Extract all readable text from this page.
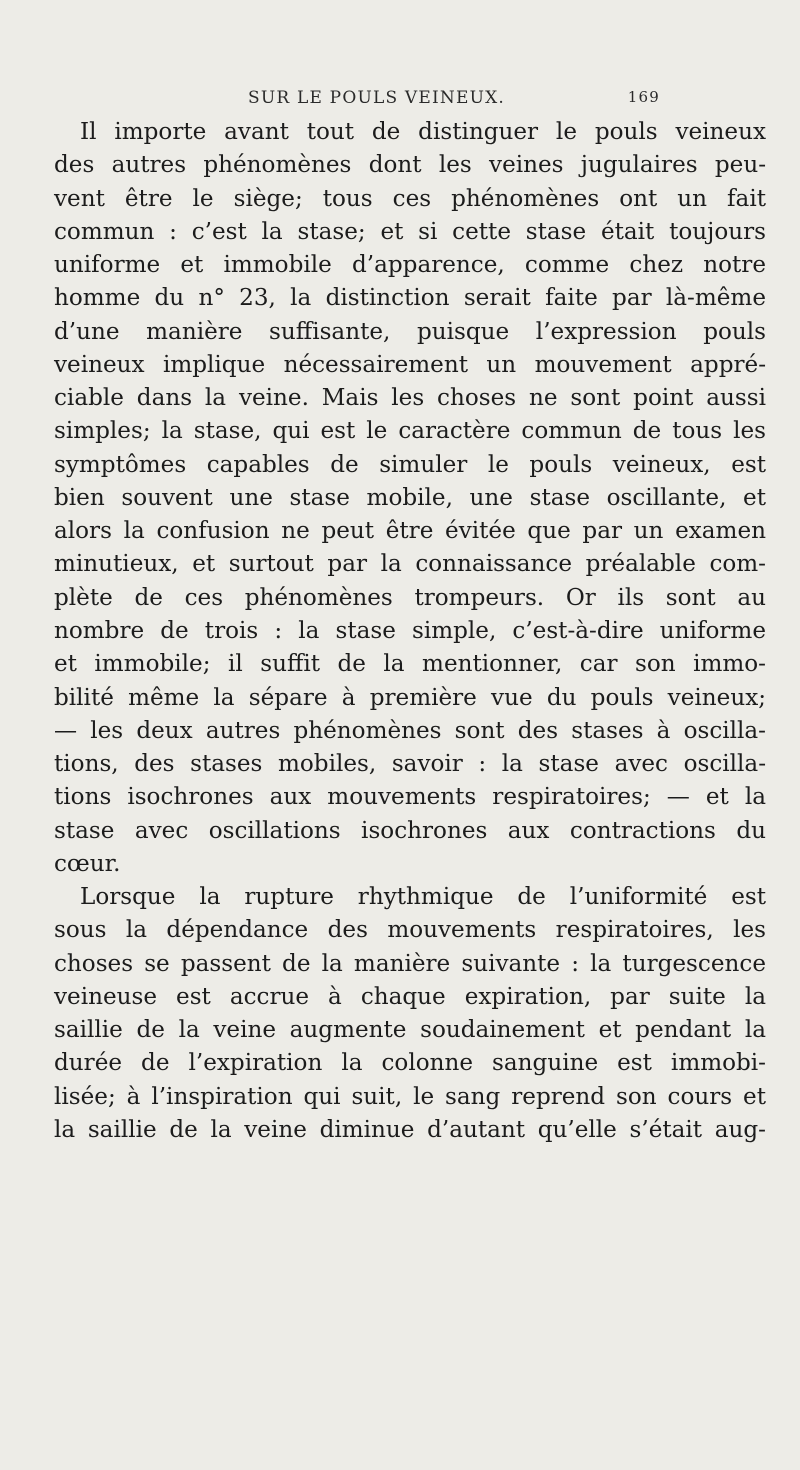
SUR LE POULS VEINEUX.	169
Il importe avant tout de distinguer le pouls veineux
des autres phénomènes dont les veines jugulaires peu-
vent être le siège; tous ces phénomènes ont un fait
commun : c’est la stase; et si cette stase était toujours
uniforme et immobile d’apparence, comme chez notre
homme du n° 23, la distinction serait faite par là-même
d’une manière suffisante, puisque l’expression pouls
veineux implique nécessairement un mouvement appré-
ciable dans la veine. Mais les choses ne sont point aussi
simples; la stase, qui est le caractère commun de tous les
symptômes capables de simuler le pouls veineux, est
bien souvent une stase mobile, une stase oscillante, et
alors la confusion ne peut être évitée que par un examen
minutieux, et surtout par la connaissance préalable com-
plète de ces phénomènes trompeurs. Or ils sont au
nombre de trois : la stase simple, c’est-à-dire uniforme
et immobile; il suffit de la mentionner, car son immo-
bilité même la sépare à première vue du pouls veineux;
— les deux autres phénomènes sont des stases à oscilla-
tions, des stases mobiles, savoir : la stase avec oscilla-
tions isochrones aux mouvements respiratoires; — et la
stase avec oscillations isochrones aux contractions du
cœur.
Lorsque la rupture rhythmique de l’uniformité est
sous la dépendance des mouvements respiratoires, les
choses se passent de la manière suivante : la turgescence
veineuse est accrue à chaque expiration, par suite la
saillie de la veine augmente soudainement et pendant la
durée de l’expiration la colonne sanguine est immobi-
lisée; à l’inspiration qui suit, le sang reprend son cours et
la saillie de la veine diminue d’autant qu’elle s’était aug-
